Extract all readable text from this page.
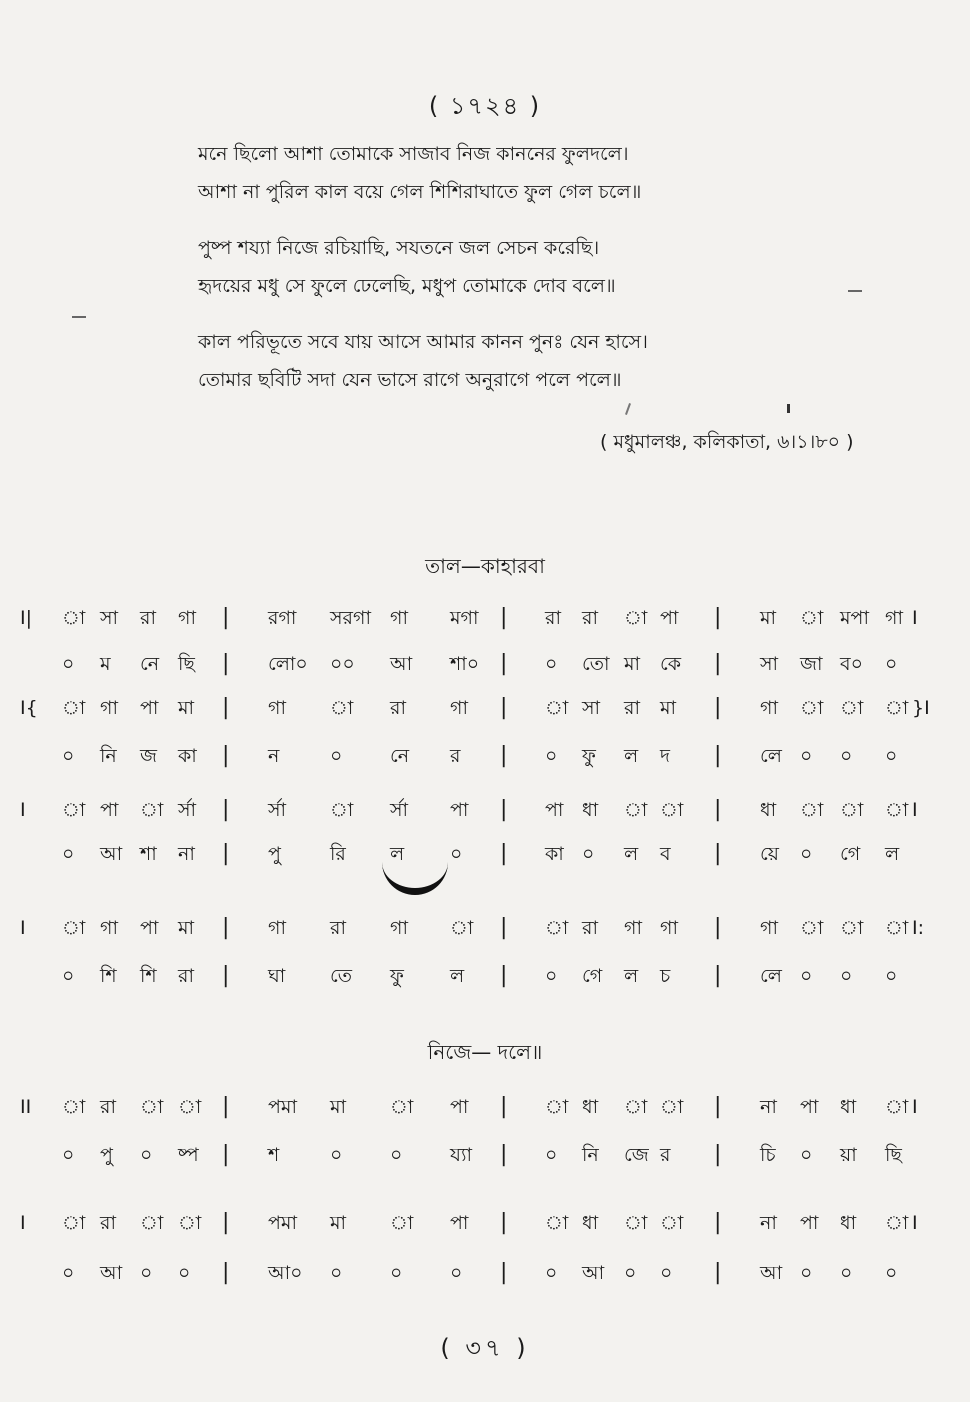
( ১৭২৪ )
মনে ছিলো আশা তোমাকে সাজাব নিজ কাননের ফুলদলে।
আশা না পুরিল কাল বয়ে গেল শিশিরাঘাতে ফুল গেল চলে॥
পুষ্প শয্যা নিজে রচিয়াছি, সযতনে জল সেচন করেছি।
হৃদয়ের মধু সে ফুলে ঢেলেছি, মধুপ তোমাকে দোব বলে॥
কাল পরিভূতে সবে যায় আসে আমার কানন পুনঃ যেন হাসে।
তোমার ছবিটি সদা যেন ভাসে রাগে অনুরাগে পলে পলে॥
( মধুমালঞ্চ, কলিকাতা, ৬।১।৮০ )
তাল—কাহারবা
I| া সা রা গা | রগা সরগা গা মগা | রা রা া পা | মা া মপা গা I
০ ম নে ছি | লো০ ০০ আ শা০ | ০ তো মা কে | সা জা ব০ ০
I{ া গা পা মা | গা া রা গা | া সা রা মা | গা া া া }I
০ নি জ কা | ন	০	নে র | ০ ফু ল দ | লে ০ ০ ০
I া পা া র্সা | র্সা া র্সা পা | পা ধা া া | ধা া া া I
০ আ শা না | পু	রি ল ০ | কা ০ ল ব | য়ে ০ গে ল
I া গা পা মা | গা রা গা া | া রা গা গা | গা া া া I:
০ শি শি রা | ঘা তে ফু ল | ০ গে ল চ | লে ০ ০ ০
II া রা া া | পমা মা া পা | া ধা া া | না পা ধা া I
০ পু ০ ষ্প | শ	০	০	য্যা | ০ নি জে র | চি ০ য়া ছি
I া রা া া | পমা মা া পা | া ধা া া | না পা ধা া I
০ আ ০ ০ | আ০ ০	০	০ | ০ আ ০ ০ | আ ০ ০ ০
নিজে— দলে॥
( ৩৭ )
